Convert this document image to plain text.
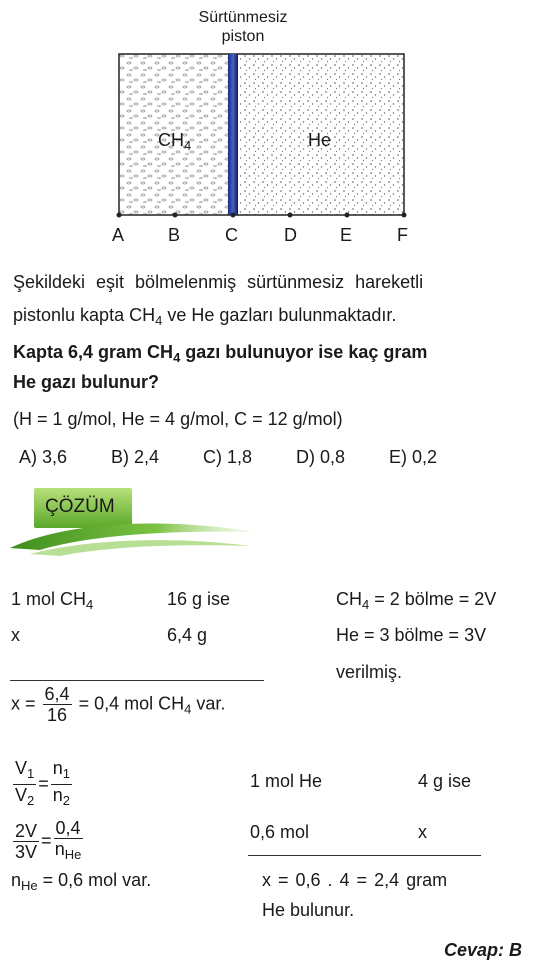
Sürtünmesiz
piston
$CH_4$	He
A B C	D E F
Şekildeki eşit bölmelenmiş sürtünmesiz hareketli
pistonlu kapta $CH_4$ ve He gazları bulunmaktadır.
Kapta 6,4 gram $CH_4$ gazı bulunuyor ise kaç gram
He gazı bulunur?
(H = 1 g/mol, He = 4 g/mol, C = 12 g/mol)
A) 3,6 B) 2,4 C) 1,8 D) 0,8 E) 0,2
ÇÖZÜM
1 mol $CH_4$	16 g ise	$CH_4 = 2$ bölme = 2V
x	6,4 g	He = 3 bölme = 3V
verilmiş.
$x = \frac{6,4}{16} = 0,4$ mol $CH_4$ var.
$\frac{V_1}{V_2} = \frac{n_1}{n_2}$
$\frac{2V}{3V} = \frac{0,4}{n_{He}}$
$n_{He} = 0,6$ mol var.
1 mol He	4 g ise
0,6 mol	x
x = 0,6 . 4 = 2,4 gram
He bulunur.
Cevap: B
